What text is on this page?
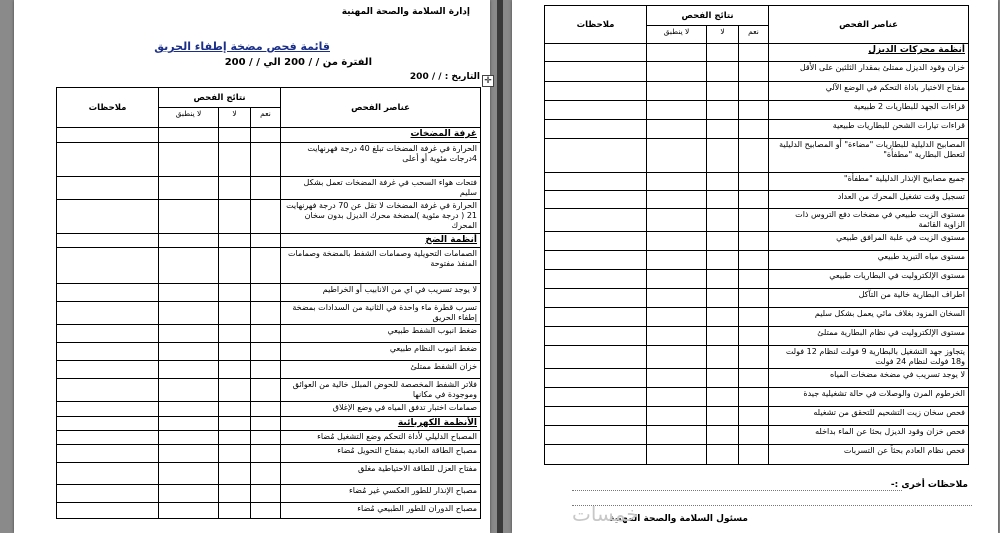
إدارة السلامة والصحة المهنية
قائمة فحص مضخة إطفاء الحريق
الفترة من / / 200 الي / / 200
التاريخ : / / 200 ✛
عناصر الفحص	نتائج الفحص			ملاحظات
	نعم	لا	لا ينطبق	
غرفة المضخات				
الحرارة في غرفة المضخات تبلغ 40 درجة فهرنهايت 4درجات مئوية أو أعلى				
فتحات هواء السحب في غرفة المضخات تعمل بشكل سليم				
الحرارة في غرفة المضخات لا تقل عن 70 درجة فهرنهايت 21 ( درجة مئوية )لمضخة محرك الديزل بدون سخان المحرك				
أنظمة الضخ				
الصمامات التحويلية وصمامات الشفط بالمضخة وصمامات المنفذ مفتوحة				
لا يوجد تسريب في اي من الانابيب أو الخراطيم				
تسرب قطرة ماء واحدة في الثانية من السدادات بمضخة إطفاء الحريق				
ضغط انبوب الشفط طبيعي				
ضغط انبوب النظام طبيعي				
خزان الشفط ممتلئ				
فلاتر الشفط المخصصة للحوض المبلل خالية من العوائق وموجودة في مكانها				
صمامات اختبار تدفق المياه في وضع الإغلاق				
الأنظمة الكهربائية				
المصباح الدليلي لأداة التحكم وضع التشغيل مُضاء				
مصباح الطاقة العادية بمفتاح التحويل مُضاء				
مفتاح العزل للطاقة الاحتياطية مغلق				
مصباح الإنذار للطور العكسي غير مُضاء				
مصباح الدوران للطور الطبيعي مُضاء				
عناصر الفحص	نتائج الفحص			ملاحظات
	نعم	لا	لا ينطبق	
أنظمة محركات الديزل				
خزان وقود الديزل ممتلئ بمقدار الثلثين على الأقل				
مفتاح الاختيار باداة التحكم في الوضع الآلي				
قراءات الجهد للبطاريات 2 طبيعية				
قراءات تيارات الشحن للبطاريات طبيعية				
المصابيح الدليلية للبطاريات "مضاءة" أو المصابيح الدليلية لتعطل البطارية "مطفأة"				
جميع مصابيح الإنذار الدليلية "مطفأة"				
تسجيل وقت تشغيل المحرك من العداد				
مستوى الزيت طبيعي في مضخات دفع التروس ذات الزاوية القائمة				
مستوى الزيت في علبة المرافق طبيعي				
مستوى مياه التبريد طبيعي				
مستوى الإلكتروليت في البطاريات طبيعي				
اطراف البطارية خالية من التآكل				
السخان المزود بغلاف مائي يعمل بشكل سليم				
مستوى الإلكتروليت في نظام البطارية ممتلئ				
يتجاوز جهد التشغيل بالبطارية 9 فولت لنظام 12 فولت و18 فولت لنظام 24 فولت				
لا يوجد تسريب في مضخة مضخات المياه				
الخرطوم المرن والوصلات في حالة تشغيلية جيدة				
فحص سخان زيت التشحيم للتحقق من تشغيله				
فحص خزان وقود الديزل بحثا عن الماء بداخله				
فحص نظام العادم بحثاً عن التسربات				
ملاحظات أخرى :-
مسئول السلامة والصحة المهنية
خمسات
